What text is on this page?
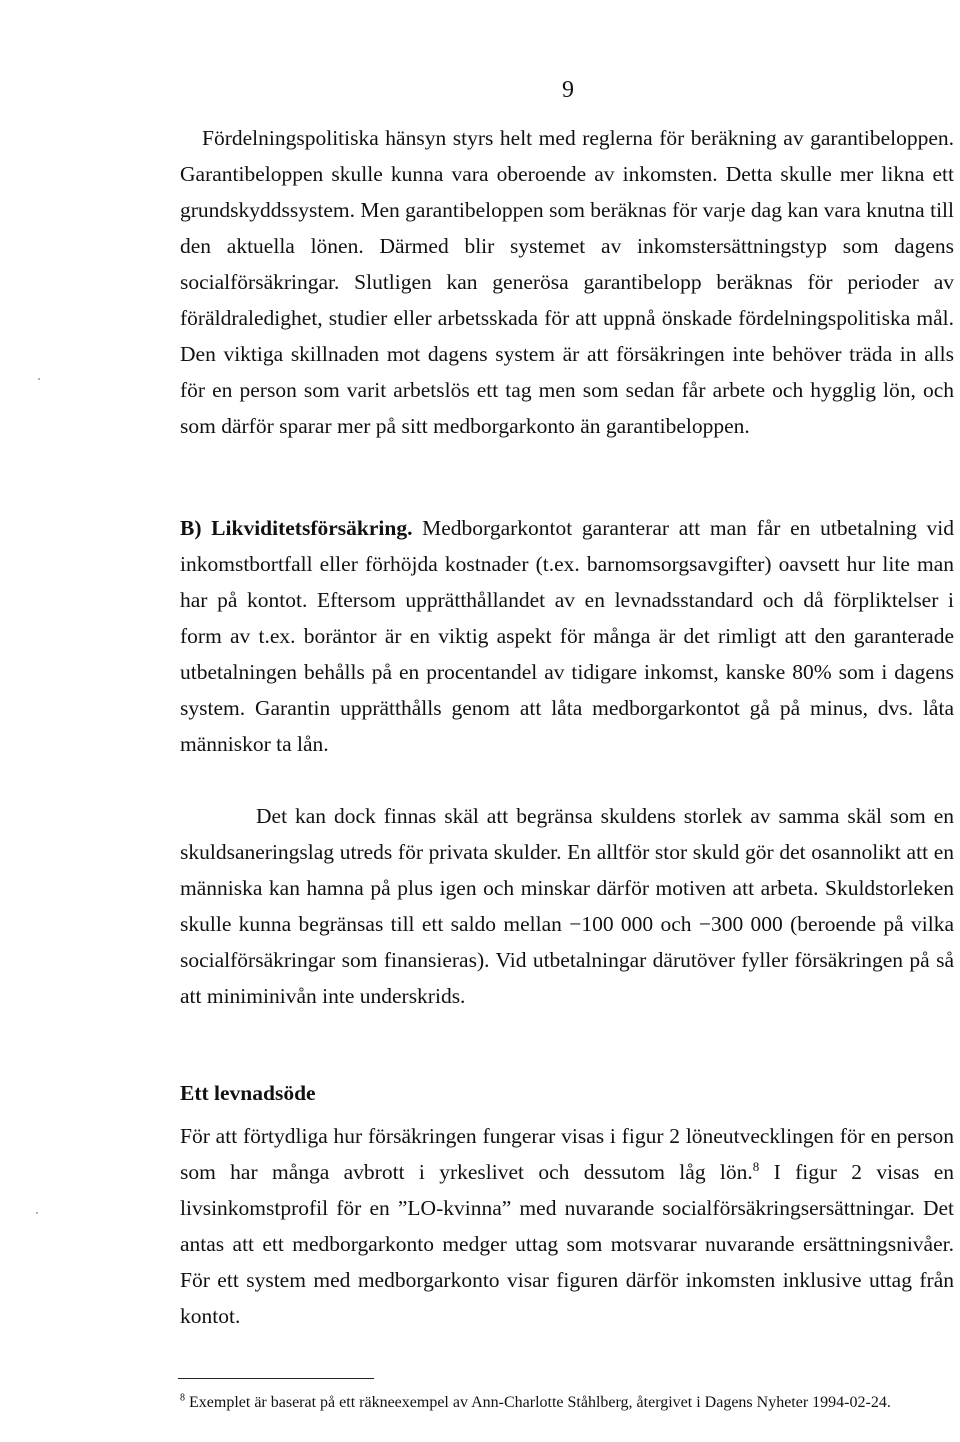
9

Fördelningspolitiska hänsyn styrs helt med reglerna för beräkning av garantibeloppen. Garantibeloppen skulle kunna vara oberoende av inkomsten. Detta skulle mer likna ett grundskyddssystem. Men garantibeloppen som beräknas för varje dag kan vara knutna till den aktuella lönen. Därmed blir systemet av inkomstersättningstyp som dagens socialförsäkringar. Slutligen kan generösa garantibelopp beräknas för perioder av föräldraledighet, studier eller arbetsskada för att uppnå önskade fördelningspolitiska mål. Den viktiga skillnaden mot dagens system är att försäkringen inte behöver träda in alls för en person som varit arbetslös ett tag men som sedan får arbete och hygglig lön, och som därför sparar mer på sitt medborgarkonto än garantibeloppen.

B) Likviditetsförsäkring. Medborgarkontot garanterar att man får en utbetalning vid inkomstbortfall eller förhöjda kostnader (t.ex. barnomsorgsavgifter) oavsett hur lite man har på kontot. Eftersom upprätthållandet av en levnadsstandard och då förpliktelser i form av t.ex. boräntor är en viktig aspekt för många är det rimligt att den garanterade utbetalningen behålls på en procentandel av tidigare inkomst, kanske 80% som i dagens system. Garantin upprätthålls genom att låta medborgarkontot gå på minus, dvs. låta människor ta lån.

Det kan dock finnas skäl att begränsa skuldens storlek av samma skäl som en skuldsaneringslag utreds för privata skulder. En alltför stor skuld gör det osannolikt att en människa kan hamna på plus igen och minskar därför motiven att arbeta. Skuldstorleken skulle kunna begränsas till ett saldo mellan −100 000 och −300 000 (beroende på vilka socialförsäkringar som finansieras). Vid utbetalningar därutöver fyller försäkringen på så att miniminivån inte underskrids.

Ett levnadsöde

För att förtydliga hur försäkringen fungerar visas i figur 2 löneutvecklingen för en person som har många avbrott i yrkeslivet och dessutom låg lön.$^8$ I figur 2 visas en livsinkomstprofil för en ”LO-kvinna” med nuvarande socialförsäkringsersättningar. Det antas att ett medborgarkonto medger uttag som motsvarar nuvarande ersättningsnivåer. För ett system med medborgarkonto visar figuren därför inkomsten inklusive uttag från kontot.

$^8$ Exemplet är baserat på ett räkneexempel av Ann-Charlotte Ståhlberg, återgivet i Dagens Nyheter 1994-02-24.
